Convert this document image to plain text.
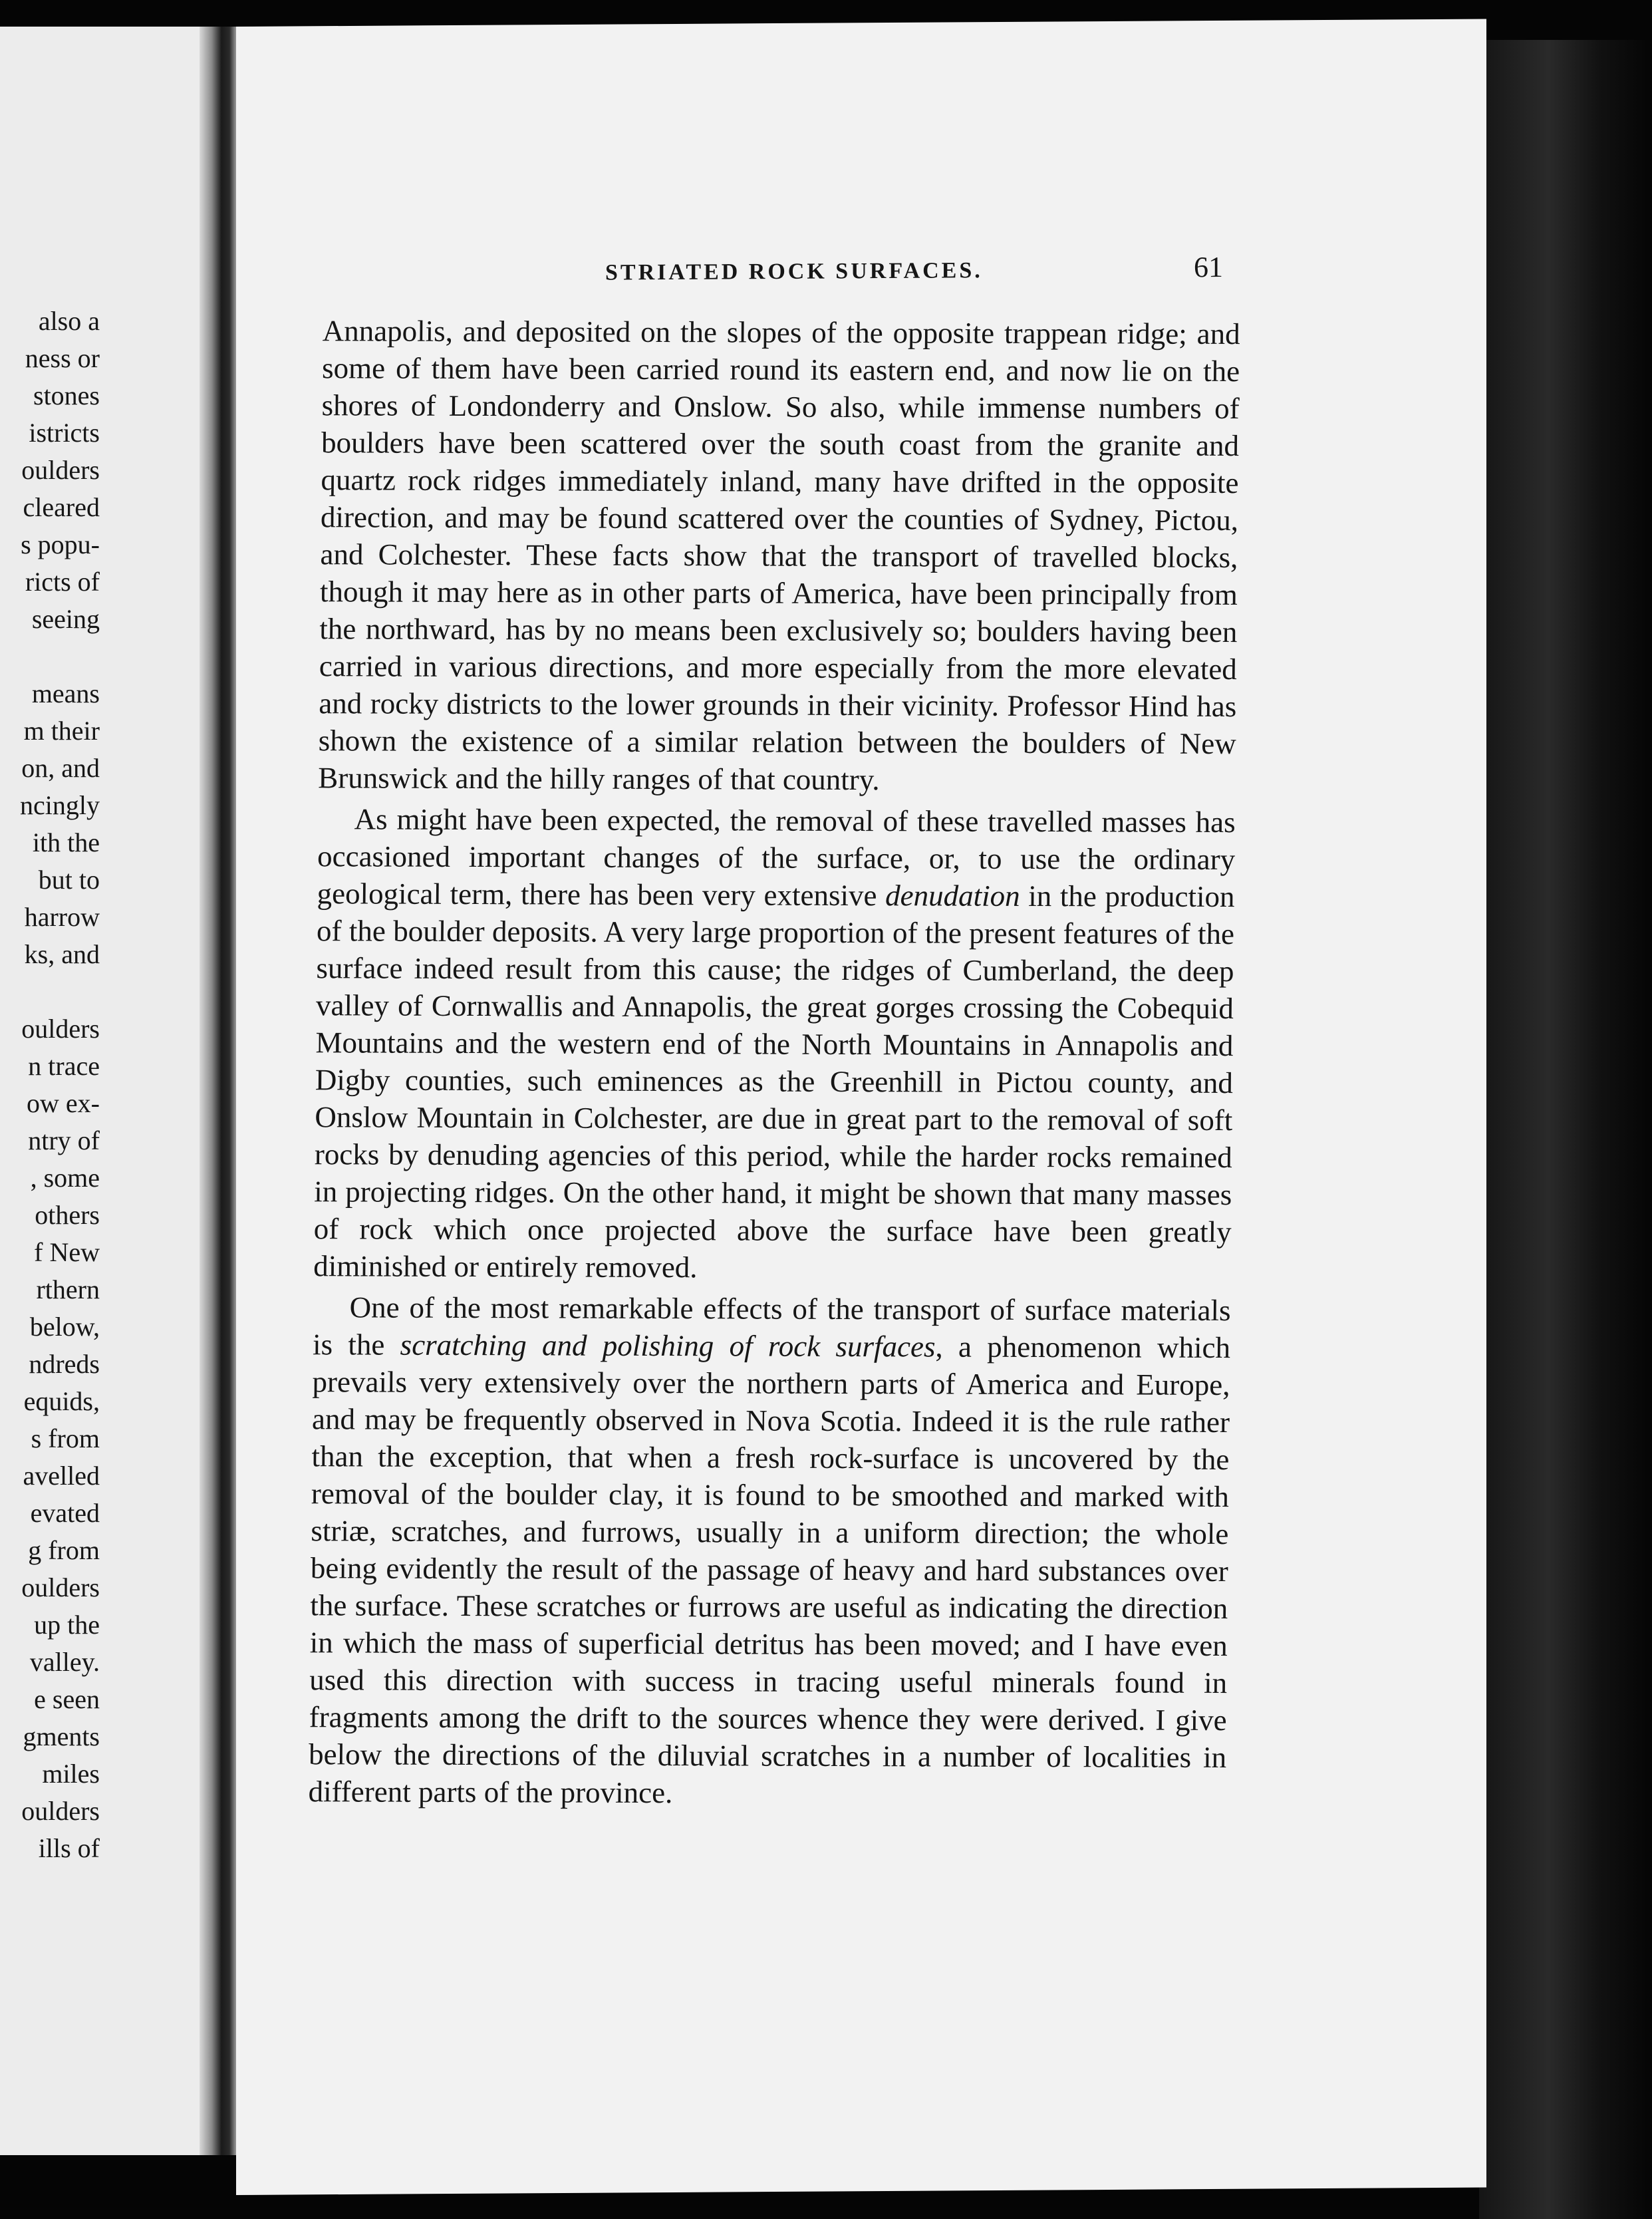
also a
ness or
stones
istricts
oulders
cleared
s popu-
ricts of
seeing
means
m their
on, and
ncingly
ith the
but to
harrow
ks, and
oulders
n trace
ow ex-
ntry of
, some
others
f New
rthern
below,
ndreds
equids,
s from
avelled
evated
g from
oulders
up the
valley.
e seen
gments
miles
oulders
ills of
STRIATED ROCK SURFACES.	61

Annapolis, and deposited on the slopes of the opposite trappean ridge; and some of them have been carried round its eastern end, and now lie on the shores of Londonderry and Onslow. So also, while immense numbers of boulders have been scattered over the south coast from the granite and quartz rock ridges immediately inland, many have drifted in the opposite direction, and may be found scattered over the counties of Sydney, Pictou, and Colchester. These facts show that the transport of travelled blocks, though it may here as in other parts of America, have been principally from the northward, has by no means been exclusively so; boulders having been carried in various directions, and more especially from the more elevated and rocky districts to the lower grounds in their vicinity. Professor Hind has shown the existence of a similar relation between the boulders of New Brunswick and the hilly ranges of that country.

As might have been expected, the removal of these travelled masses has occasioned important changes of the surface, or, to use the ordinary geological term, there has been very extensive denudation in the production of the boulder deposits. A very large proportion of the present features of the surface indeed result from this cause; the ridges of Cumberland, the deep valley of Cornwallis and Annapolis, the great gorges crossing the Cobequid Mountains and the western end of the North Mountains in Annapolis and Digby counties, such eminences as the Greenhill in Pictou county, and Onslow Mountain in Colchester, are due in great part to the removal of soft rocks by denuding agencies of this period, while the harder rocks remained in projecting ridges. On the other hand, it might be shown that many masses of rock which once projected above the surface have been greatly diminished or entirely removed.

One of the most remarkable effects of the transport of surface materials is the scratching and polishing of rock surfaces, a phenomenon which prevails very extensively over the northern parts of America and Europe, and may be frequently observed in Nova Scotia. Indeed it is the rule rather than the exception, that when a fresh rock-surface is uncovered by the removal of the boulder clay, it is found to be smoothed and marked with striæ, scratches, and furrows, usually in a uniform direction; the whole being evidently the result of the passage of heavy and hard substances over the surface. These scratches or furrows are useful as indicating the direction in which the mass of superficial detritus has been moved; and I have even used this direction with success in tracing useful minerals found in fragments among the drift to the sources whence they were derived. I give below the directions of the diluvial scratches in a number of localities in different parts of the province.
